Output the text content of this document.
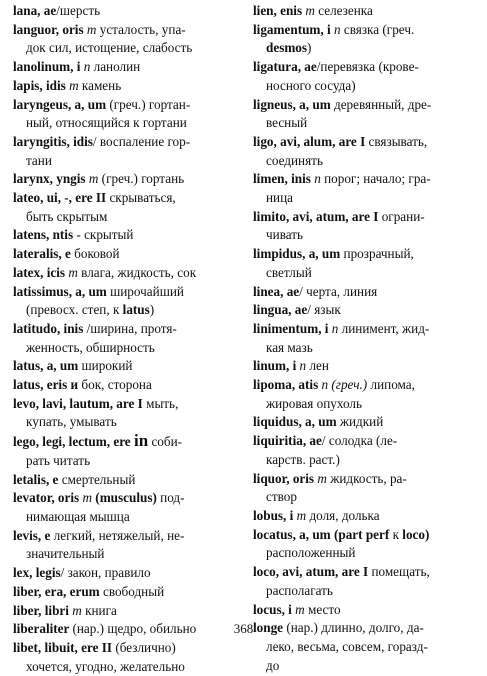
lana, ae/шерсть
languor, oris m усталость, упа-
док сил, истощение, слабость
lanolinum, i n ланолин
lapis, idis m камень
laryngeus, a, um (греч.) гортан-
ный, относящийся к гортани
laryngitis, idis/ воспаление гор-
тани
larynx, yngis m (греч.) гортань
lateo, ui, -, ere II скрываться,
быть скрытым
latens, ntis - скрытый
lateralis, e боковой
latex, icis m влага, жидкость, сок
latissimus, a, um широчайший
(превосх. степ, к latus)
latitudo, inis /ширина, протя-
женность, обширность
latus, a, um широкий
latus, eris и бок, сторона
levo, lavi, lautum, are I мыть,
купать, умывать
lego, legi, lectum, ere in соби-
рать читать
letalis, e смертельный
levator, oris m (musculus) под-
нимающая мышца
levis, e легкий, нетяжелый, не-
значительный
lex, legis/ закон, правило
liber, era, erum свободный
liber, libri m книга
liberaliter (нар.) щедро, обильно
libet, libuit, ere II (безлично)
хочется, угодно, желательно
lien, enis m селезенка
ligamentum, i n связка (греч.
desmos)
ligatura, ae/перевязка (крове-
носного сосуда)
ligneus, a, um деревянный, дре-
весный
ligo, avi, alum, are I связывать,
соединять
limen, inis n порог; начало; гра-
ница
limito, avi, atum, are I ограни-
чивать
limpidus, a, um прозрачный,
светлый
linea, ae/ черта, линия
lingua, ae/ язык
linimentum, i n линимент, жид-
кая мазь
linum, i n лен
lipoma, atis n (греч.) липома,
жировая опухоль
liquidus, a, um жидкий
liquiritia, ae/ солодка (ле-
карств. раст.)
liquor, oris m жидкость, ра-
створ
lobus, i m доля, долька
locatus, a, um (part perf к loco)
расположенный
loco, avi, atum, are I помещать,
располагать
locus, i m место
longe (нар.) длинно, долго, да-
леко, весьма, совсем, горазд-
до
368
